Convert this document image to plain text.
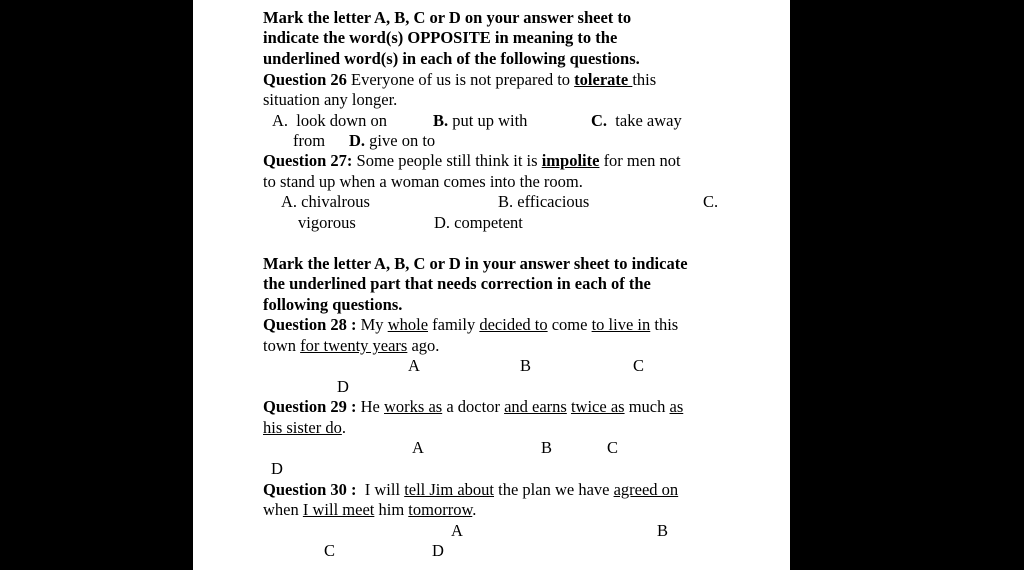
Mark the letter A, B, C or D on your answer sheet to
indicate the word(s) OPPOSITE in meaning to the
underlined word(s) in each of the following questions.
Question 26 Everyone of us is not prepared to tolerate this
situation any longer.
A. look down on	B. put up with	C. take away
from D. give on to
Question 27: Some people still think it is impolite for men not
to stand up when a woman comes into the room.
A. chivalrous	B. efficacious	C.
vigorous	D. competent
Mark the letter A, B, C or D in your answer sheet to indicate
the underlined part that needs correction in each of the
following questions.
Question 28 : My whole family decided to come to live in this
town for twenty years ago.
A	B	C
D
Question 29 : He works as a doctor and earns twice as much as
his sister do.
A	B	C
D
Question 30 :  I will tell Jim about the plan we have agreed on
when I will meet him tomorrow.
A	B
C	D
